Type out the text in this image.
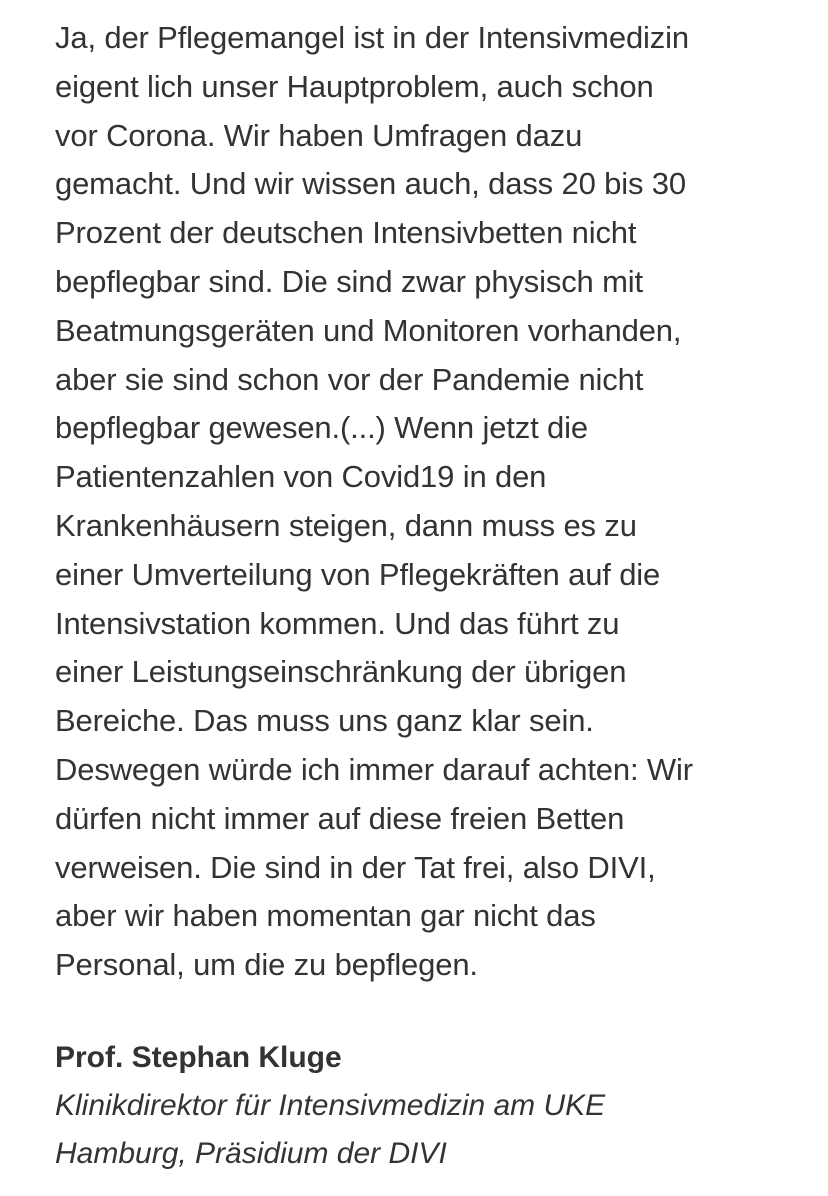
Ja, der Pflegemangel ist in der Intensivmedizin
eigent lich unser Hauptproblem, auch schon
vor Corona. Wir haben Umfragen dazu
gemacht. Und wir wissen auch, dass 20 bis 30
Prozent der deutschen Intensivbetten nicht
bepflegbar sind. Die sind zwar physisch mit
Beatmungsgeräten und Monitoren vorhanden,
aber sie sind schon vor der Pandemie nicht
bepflegbar gewesen.(...) Wenn jetzt die
Patientenzahlen von Covid19 in den
Krankenhäusern steigen, dann muss es zu
einer Umverteilung von Pflegekräften auf die
Intensivstation kommen. Und das führt zu
einer Leistungseinschränkung der übrigen
Bereiche. Das muss uns ganz klar sein.
Deswegen würde ich immer darauf achten: Wir
dürfen nicht immer auf diese freien Betten
verweisen. Die sind in der Tat frei, also DIVI,
aber wir haben momentan gar nicht das
Personal, um die zu bepflegen.
Prof. Stephan Kluge
Klinikdirektor für Intensivmedizin am UKE
Hamburg, Präsidium der DIVI
